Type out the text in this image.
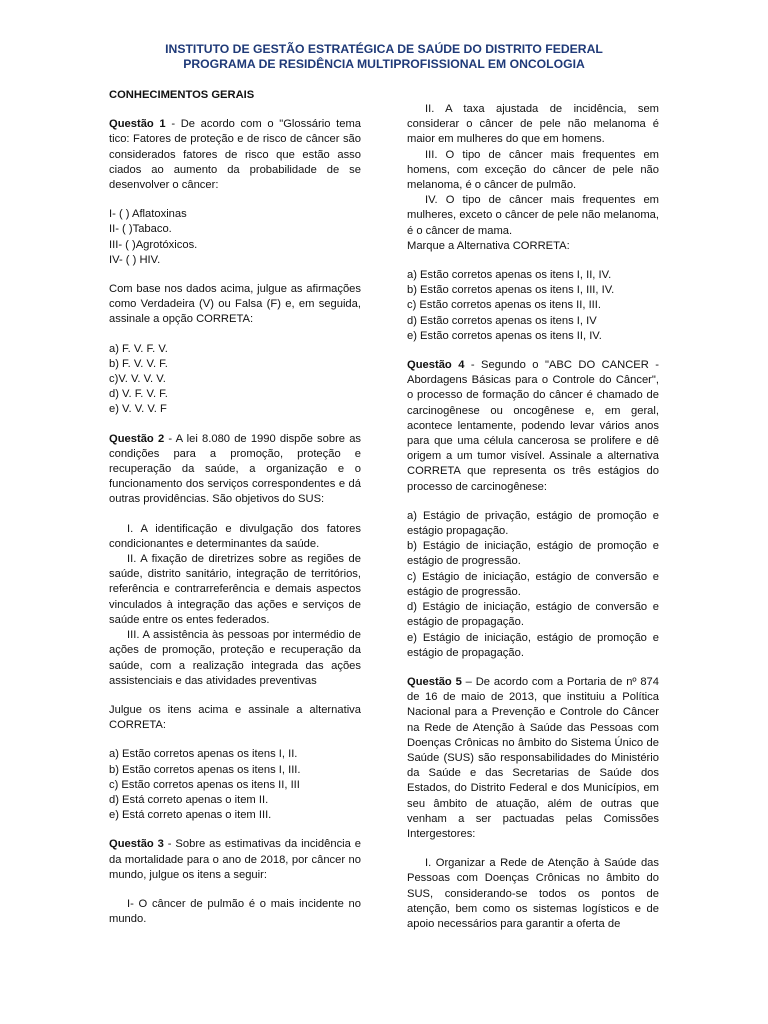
INSTITUTO DE GESTÃO ESTRATÉGICA DE SAÚDE DO DISTRITO FEDERAL
PROGRAMA DE RESIDÊNCIA MULTIPROFISSIONAL EM ONCOLOGIA

CONHECIMENTOS GERAIS

Questão 1 - De acordo com o "Glossário tema tico: Fatores de proteção e de risco de câncer são considerados fatores de risco que estão asso ciados ao aumento da probabilidade de se desenvolver o câncer:

I- ( ) Aflatoxinas

II- ( )Tabaco.

III- ( )Agrotóxicos.

IV- ( ) HIV.

Com base nos dados acima, julgue as afirmações como Verdadeira (V) ou Falsa (F) e, em seguida, assinale a opção CORRETA:

a) F. V. F. V.

b) F. V. V. F.

c)V. V. V. V.

d) V. F. V. F.

e) V. V. V. F

Questão 2 - A lei 8.080 de 1990 dispõe sobre as condições para a promoção, proteção e recuperação da saúde, a organização e o funcionamento dos serviços correspondentes e dá outras providências. São objetivos do SUS:

I. A identificação e divulgação dos fatores condicionantes e determinantes da saúde.

II. A fixação de diretrizes sobre as regiões de saúde, distrito sanitário, integração de territórios, referência e contrarreferência e demais aspectos vinculados à integração das ações e serviços de saúde entre os entes federados.

III. A assistência às pessoas por intermédio de ações de promoção, proteção e recuperação da saúde, com a realização integrada das ações assistenciais e das atividades preventivas

Julgue os itens acima e assinale a alternativa CORRETA:

a) Estão corretos apenas os itens I, II.

b) Estão corretos apenas os itens I, III.

c) Estão corretos apenas os itens II, III

d) Está correto apenas o item II.

e) Está correto apenas o item III.

Questão 3 - Sobre as estimativas da incidência e da mortalidade para o ano de 2018, por câncer no mundo, julgue os itens a seguir:

I- O câncer de pulmão é o mais incidente no mundo.

II. A taxa ajustada de incidência, sem considerar o câncer de pele não melanoma é maior em mulheres do que em homens.

III. O tipo de câncer mais frequentes em homens, com exceção do câncer de pele não melanoma, é o câncer de pulmão.

IV. O tipo de câncer mais frequentes em mulheres, exceto o câncer de pele não melanoma, é o câncer de mama.

Marque a Alternativa CORRETA:

a) Estão corretos apenas os itens I, II, IV.

b) Estão corretos apenas os itens I, III, IV.

c) Estão corretos apenas os itens II, III.

d) Estão corretos apenas os itens I, IV

e) Estão corretos apenas os itens II, IV.

Questão 4 - Segundo o "ABC DO CANCER - Abordagens Básicas para o Controle do Câncer", o processo de formação do câncer é chamado de carcinogênese ou oncogênese e, em geral, acontece lentamente, podendo levar vários anos para que uma célula cancerosa se prolifere e dê origem a um tumor visível. Assinale a alternativa CORRETA que representa os três estágios do processo de carcinogênese:

a) Estágio de privação, estágio de promoção e estágio propagação.

b) Estágio de iniciação, estágio de promoção e estágio de progressão.

c) Estágio de iniciação, estágio de conversão e estágio de progressão.

d) Estágio de iniciação, estágio de conversão e estágio de propagação.

e) Estágio de iniciação, estágio de promoção e estágio de propagação.

Questão 5 – De acordo com a Portaria de nº 874 de 16 de maio de 2013, que instituiu a Política Nacional para a Prevenção e Controle do Câncer na Rede de Atenção à Saúde das Pessoas com Doenças Crônicas no âmbito do Sistema Único de Saúde (SUS) são responsabilidades do Ministério da Saúde e das Secretarias de Saúde dos Estados, do Distrito Federal e dos Municípios, em seu âmbito de atuação, além de outras que venham a ser pactuadas pelas Comissões Intergestores:

I. Organizar a Rede de Atenção à Saúde das Pessoas com Doenças Crônicas no âmbito do SUS, considerando-se todos os pontos de atenção, bem como os sistemas logísticos e de apoio necessários para garantir a oferta de
